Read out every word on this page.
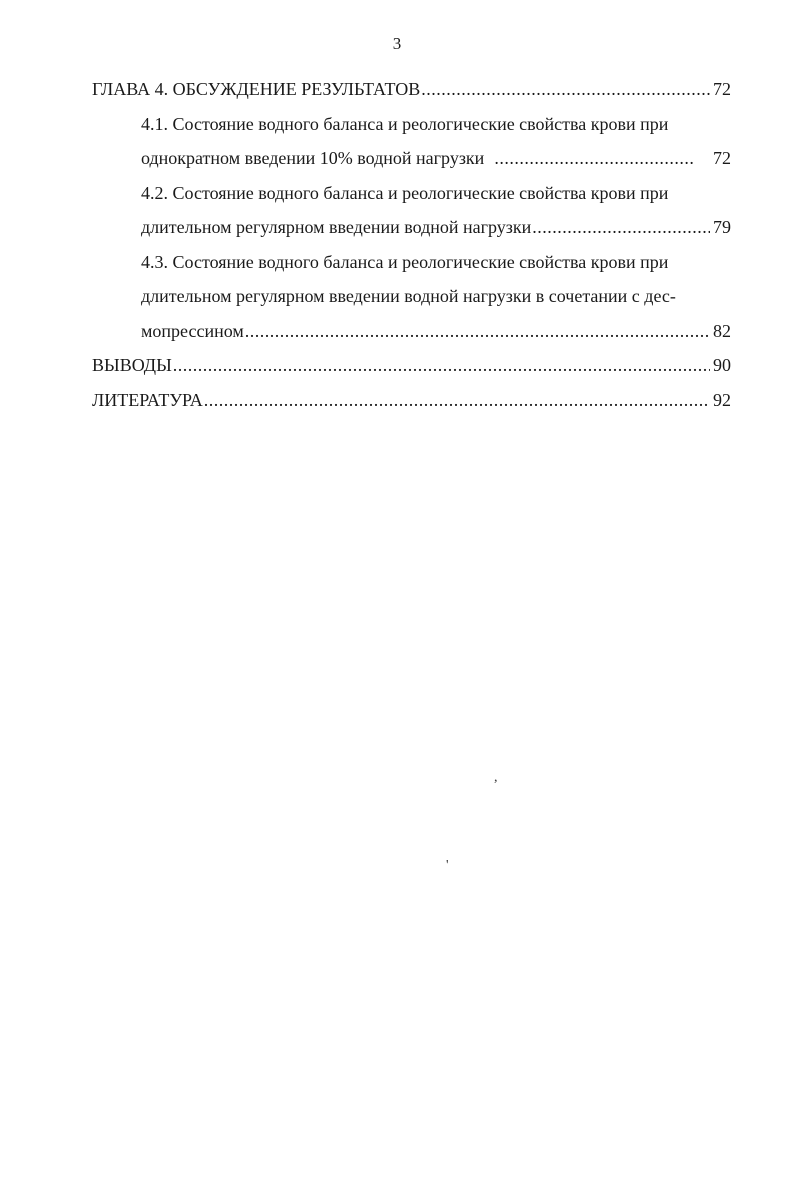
3
ГЛАВА 4. ОБСУЖДЕНИЕ РЕЗУЛЬТАТОВ .....	72
4.1. Состояние водного баланса и реологические свойства крови при
однократном введении 10% водной нагрузки .....	72
4.2. Состояние водного баланса и реологические свойства крови при
длительном регулярном введении водной нагрузки .....	79
4.3. Состояние водного баланса и реологические свойства крови при
длительном регулярном введении водной нагрузки в сочетании с дес-
мопрессином .....	82
ВЫВОДЫ .....	90
ЛИТЕРАТУРА .....	92
,
'
